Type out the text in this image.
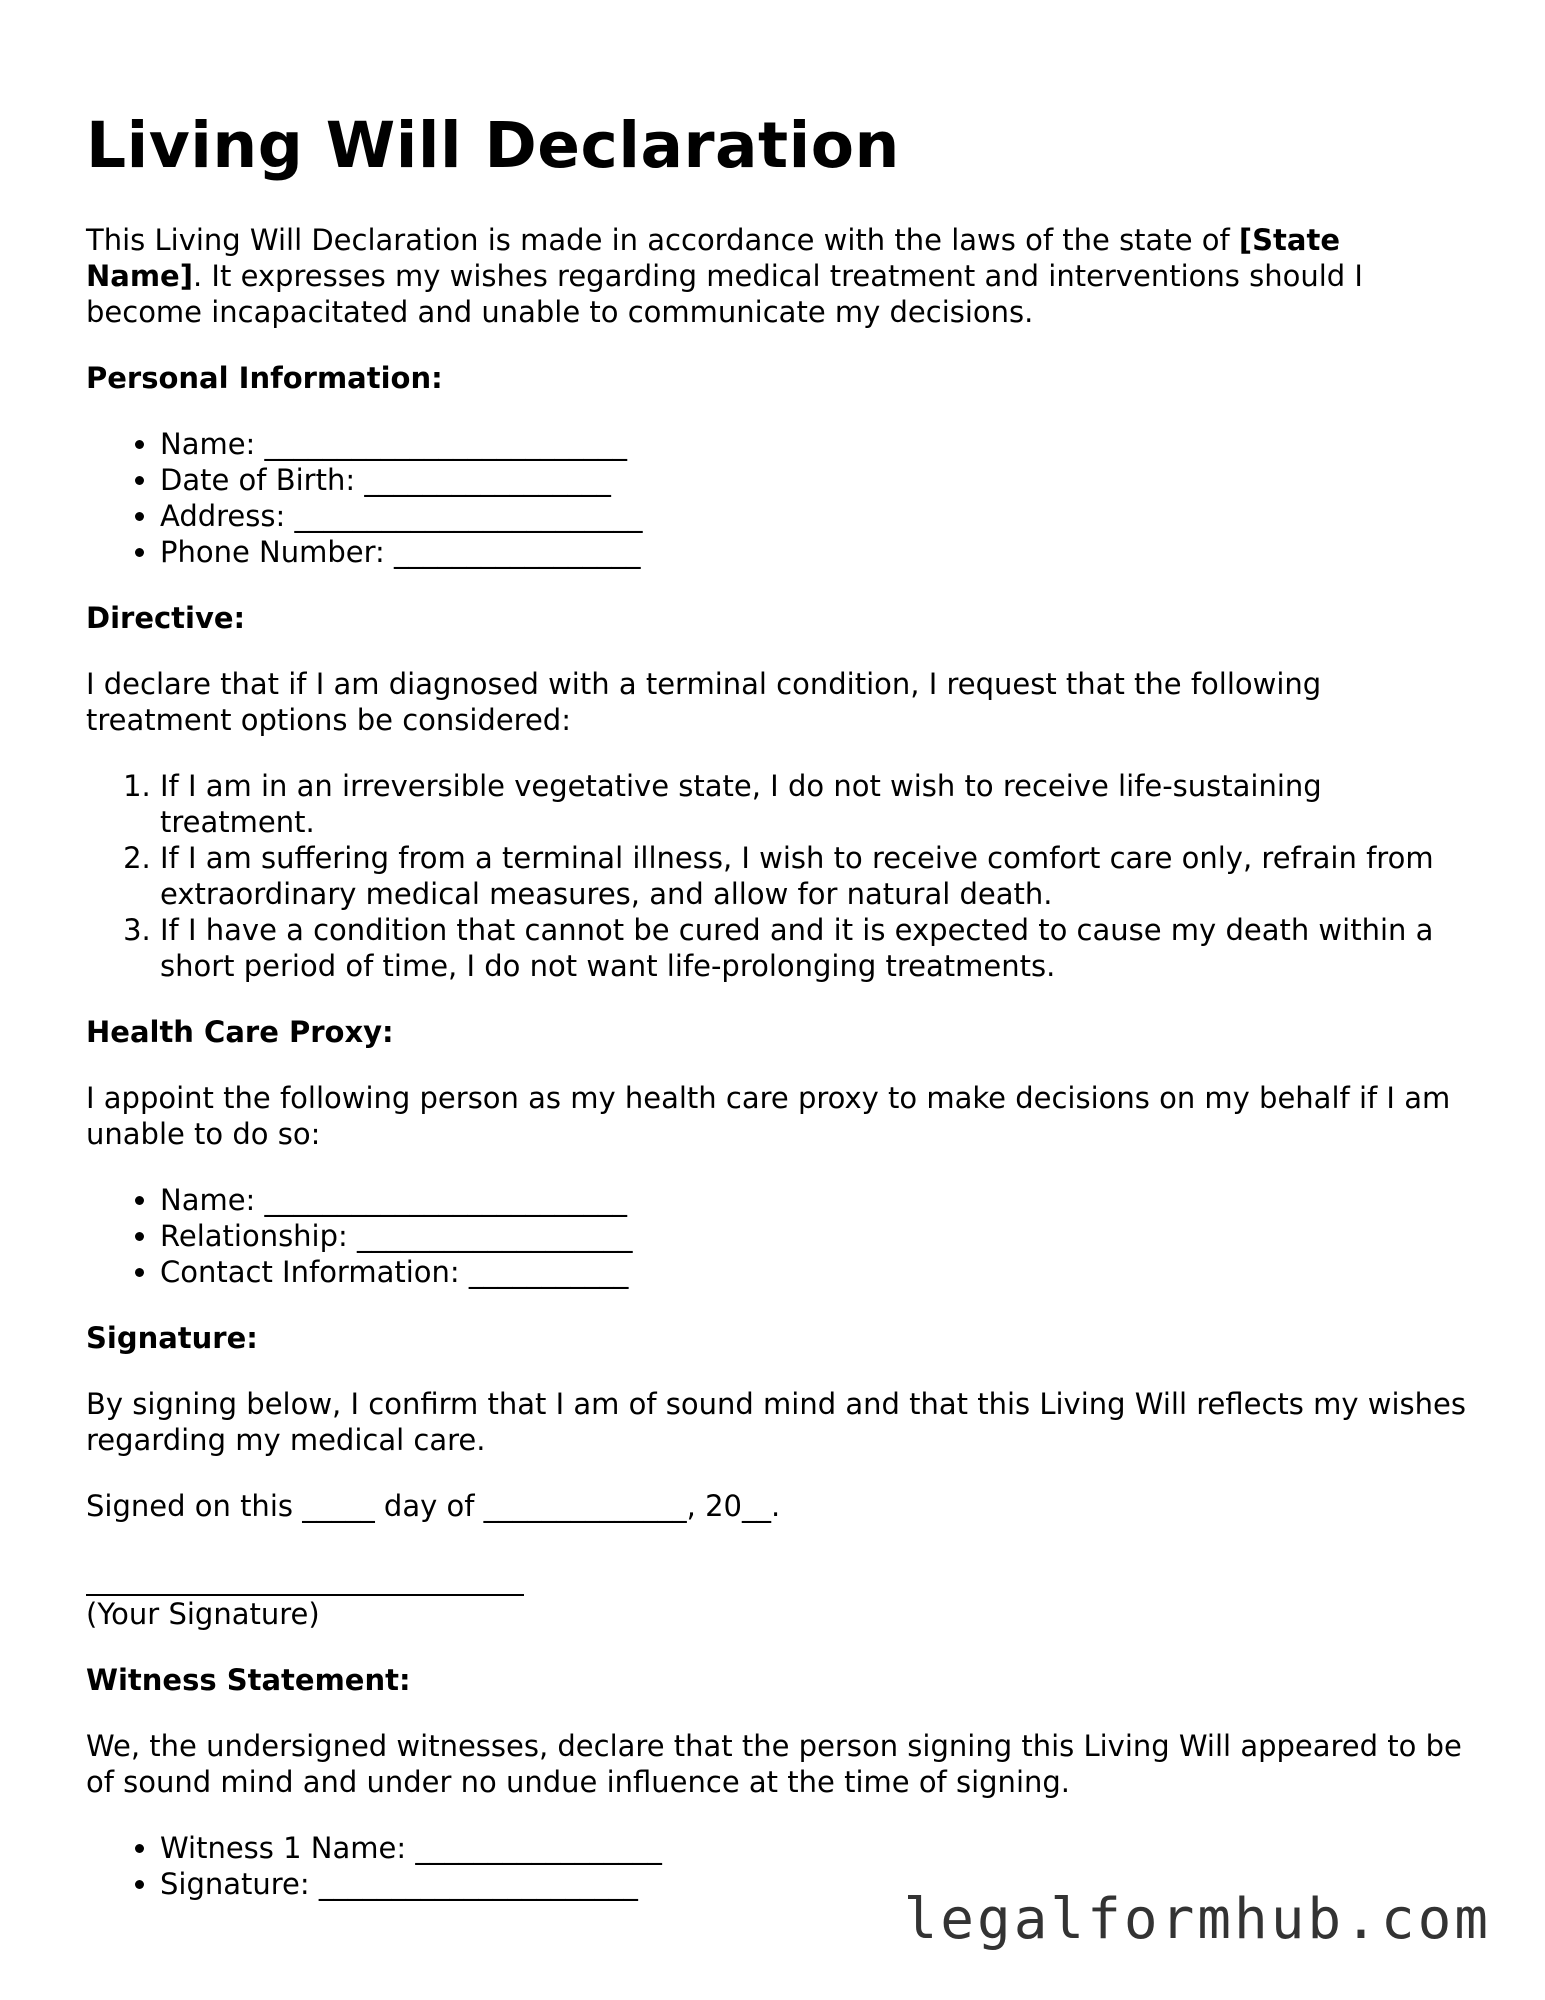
Living Will Declaration

This Living Will Declaration is made in accordance with the laws of the state of [State Name]. It expresses my wishes regarding medical treatment and interventions should I become incapacitated and unable to communicate my decisions.

Personal Information:

• Name: _________________________
• Date of Birth: _________________
• Address: ________________________
• Phone Number: _________________

Directive:

I declare that if I am diagnosed with a terminal condition, I request that the following treatment options be considered:

1. If I am in an irreversible vegetative state, I do not wish to receive life-sustaining treatment.
2. If I am suffering from a terminal illness, I wish to receive comfort care only, refrain from extraordinary medical measures, and allow for natural death.
3. If I have a condition that cannot be cured and it is expected to cause my death within a short period of time, I do not want life-prolonging treatments.

Health Care Proxy:

I appoint the following person as my health care proxy to make decisions on my behalf if I am unable to do so:

• Name: _________________________
• Relationship: ___________________
• Contact Information: ___________

Signature:

By signing below, I confirm that I am of sound mind and that this Living Will reflects my wishes regarding my medical care.

Signed on this _____ day of ______________, 20__.

(Your Signature)

Witness Statement:

We, the undersigned witnesses, declare that the person signing this Living Will appeared to be of sound mind and under no undue influence at the time of signing.

• Witness 1 Name: _________________
• Signature: ______________________
legalformhub.com
